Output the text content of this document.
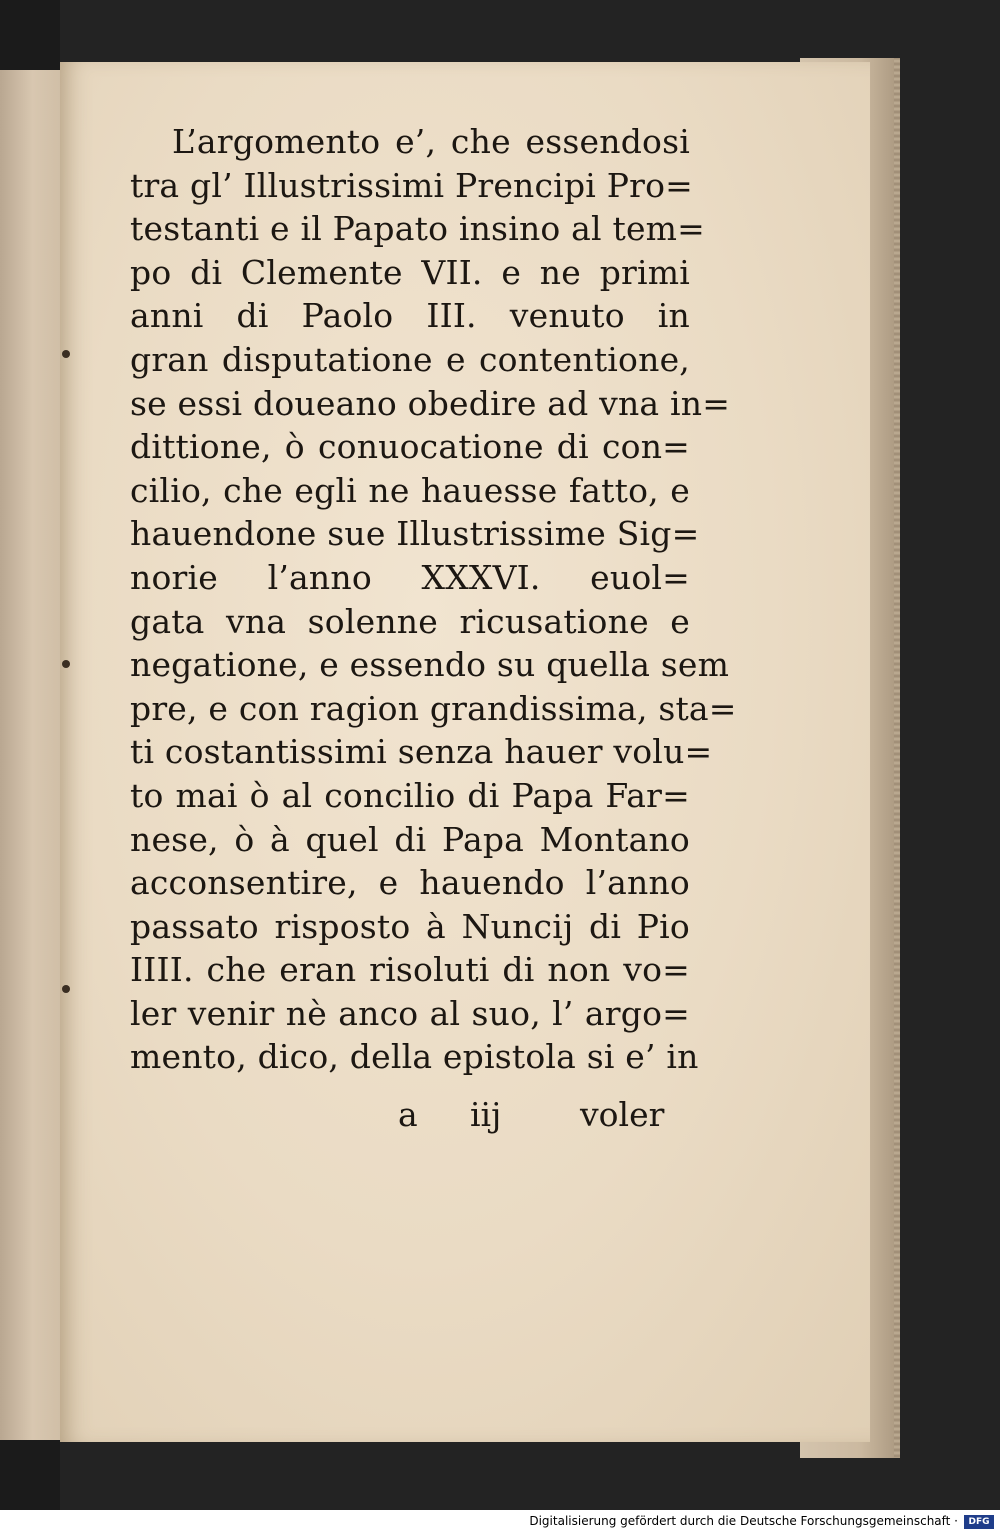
L’argomento e’, che essendosi
tra gl’ Illustrissimi Prencipi Pro=
testanti e il Papato insino al tem=
po di Clemente VII. e ne primi
anni di Paolo III. venuto in
gran disputatione e contentione,
se essi doueano obedire ad vna in=
dittione, ò conuocatione di con=
cilio, che egli ne hauesse fatto, e
hauendone sue Illustrissime Sig=
norie l’anno XXXVI. euol=
gata vna solenne ricusatione e
negatione, e essendo su quella sem
pre, e con ragion grandissima, sta=
ti costantissimi senza hauer volu=
to mai ò al concilio di Papa Far=
nese, ò à quel di Papa Montano
acconsentire, e hauendo l’anno
passato risposto à Nuncij di Pio
IIII. che eran risoluti di non vo=
ler venir nè anco al suo, l’ argo=
mento, dico, della epistola si e’ in
a iij voler
Digitalisierung gefördert durch die Deutsche Forschungsgemeinschaft ·	DFG
